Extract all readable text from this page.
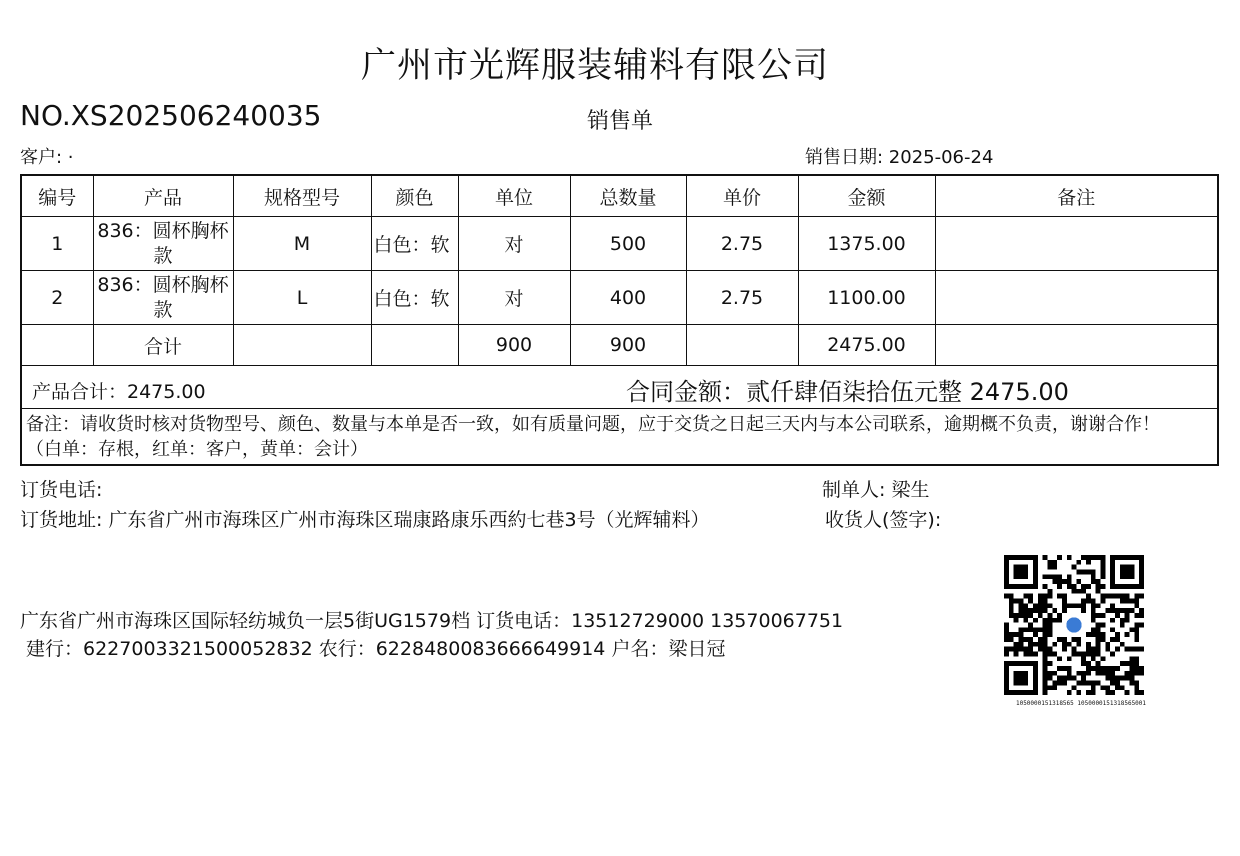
广州市光辉服装辅料有限公司
NO.XS202506240035	销售单
客户: ·	销售日期: 2025-06-24
编号	产品	规格型号	颜色	单位	总数量	单价	金额	备注
1	836：圆杯胸杯款	M	白色：软	对	500	2.75	1375.00	
2	836：圆杯胸杯款	L	白色：软	对	400	2.75	1100.00	
	合计			900	900		2475.00	
产品合计：2475.00	合同金额：贰仟肆佰柒拾伍元整 2475.00
备注：请收货时核对货物型号、颜色、数量与本单是否一致，如有质量问题，应于交货之日起三天内与本公司联系，逾期概不负责，谢谢合作！
（白单：存根，红单：客户，黄单：会计）
订货电话:	制单人: 梁生
订货地址: 广东省广州市海珠区广州市海珠区瑞康路康乐西約七巷3号（光辉辅料）	收货人(签字):
广东省广州市海珠区国际轻纺城负一层5街UG1579档 订货电话：13512729000 13570067751
建行：6227003321500052832 农行：6228480083666649914 户名：梁日冠
1050000151318565 1050000151318565001
